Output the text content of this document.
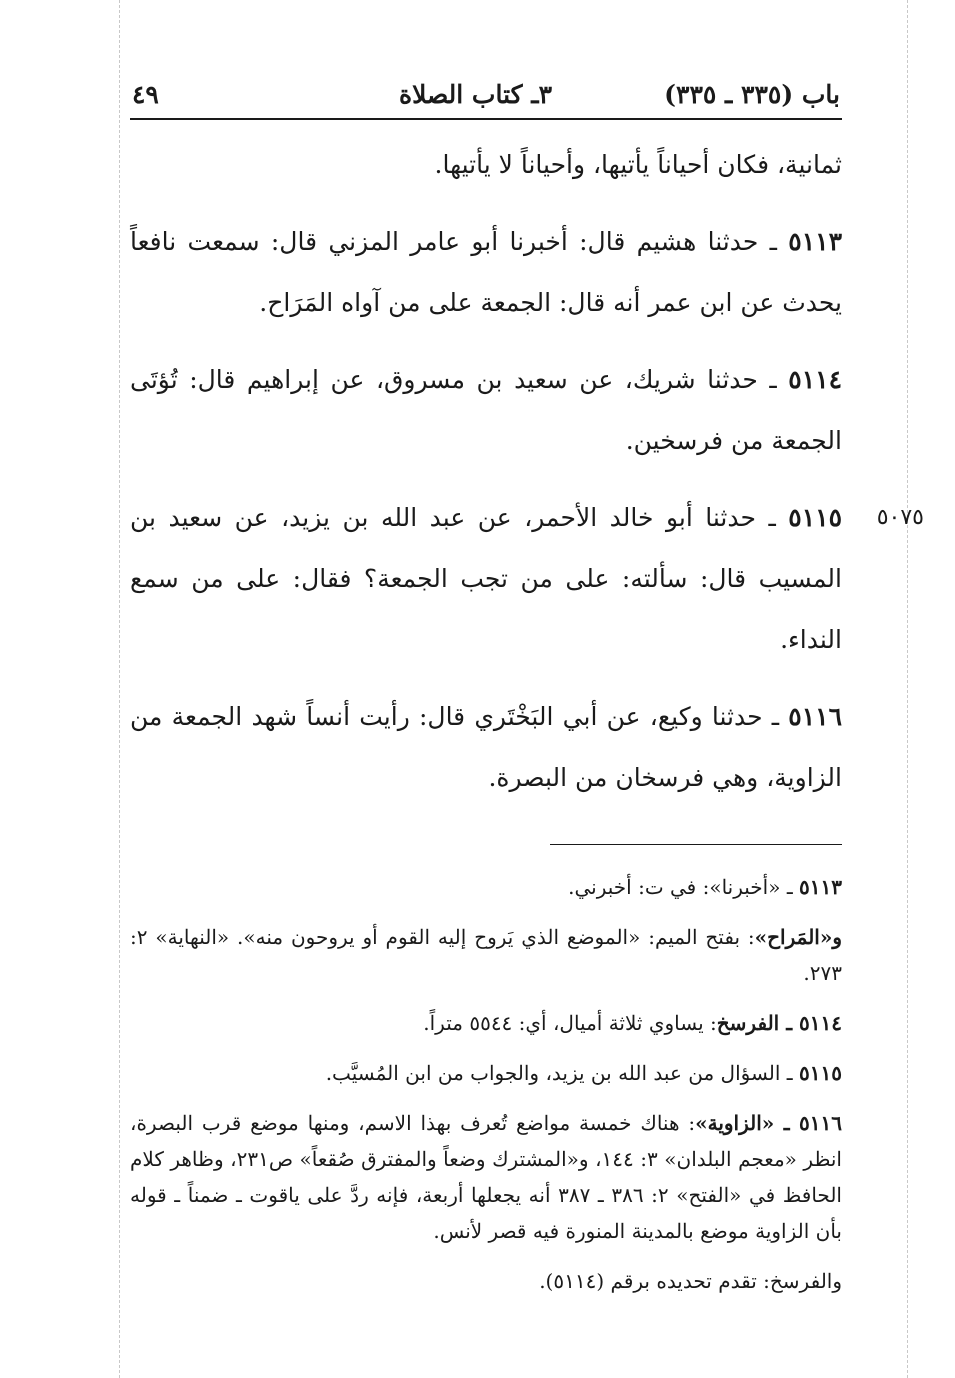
باب (٣٣٥ ـ ٣٣٥)
٣ـ كتاب الصلاة
٤٩

ثمانية، فكان أحياناً يأتيها، وأحياناً لا يأتيها.

٥١١٣ ـ حدثنا هشيم قال: أخبرنا أبو عامر المزني قال: سمعت نافعاً يحدث عن ابن عمر أنه قال: الجمعة على من آواه المَرَاح.

٥١١٤ ـ حدثنا شريك، عن سعيد بن مسروق، عن إبراهيم قال: تُؤتَى الجمعة من فرسخين.

٥٠٧٥
٥١١٥ ـ حدثنا أبو خالد الأحمر، عن عبد الله بن يزيد، عن سعيد بن المسيب قال: سألته: على من تجب الجمعة؟ فقال: على من سمع النداء.

٥١١٦ ـ حدثنا وكيع، عن أبي البَخْتَري قال: رأيت أنساً شهد الجمعة من الزاوية، وهي فرسخان من البصرة.

٥١١٣ ـ «أخبرنا»: في ت: أخبرني.

و«المَراح»: بفتح الميم: «الموضع الذي يَروح إليه القوم أو يروحون منه». «النهاية» ٢: ٢٧٣.

٥١١٤ ـ الفرسخ: يساوي ثلاثة أميال، أي: ٥٥٤٤ متراً.

٥١١٥ ـ السؤال من عبد الله بن يزيد، والجواب من ابن المُسيَّب.

٥١١٦ ـ «الزاوية»: هناك خمسة مواضع تُعرف بهذا الاسم، ومنها موضع قرب البصرة، انظر «معجم البلدان» ٣: ١٤٤، و«المشترك وضعاً والمفترق صُقعاً» ص٢٣١، وظاهر كلام الحافظ في «الفتح» ٢: ٣٨٦ ـ ٣٨٧ أنه يجعلها أربعة، فإنه ردَّ على ياقوت ـ ضمناً ـ قوله بأن الزاوية موضع بالمدينة المنورة فيه قصر لأنس.

والفرسخ: تقدم تحديده برقم (٥١١٤).
